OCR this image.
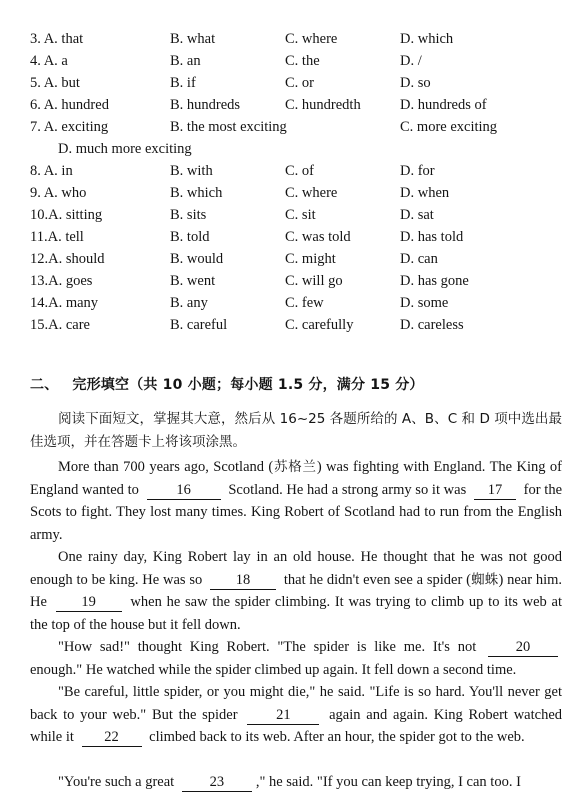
3. A. that	B. what	C. where	D. which
4. A. a	B. an	C. the	D. /
5. A. but	B. if	C. or	D. so
6. A. hundred	B. hundreds	C. hundredth	D. hundreds of
7. A. exciting	B. the most exciting	C. more exciting
D. much more exciting
8. A. in	B. with	C. of	D. for
9. A. who	B. which	C. where	D. when
10.A. sitting	B. sits	C. sit	D. sat
11.A. tell	B. told	C. was told	D. has told
12.A. should	B. would	C. might	D. can
13.A. goes	B. went	C. will go	D. has gone
14.A. many	B. any	C. few	D. some
15.A. care	B. careful	C. carefully	D. careless
二、 完形填空（共 10 小题；每小题 1.5 分，满分 15 分）

阅读下面短文，掌握其大意，然后从 16~25 各题所给的 A、B、C 和 D 项中选出最佳选项，并在答题卡上将该项涂黑。

More than 700 years ago, Scotland (苏格兰) was fighting with England. The King of England wanted to	16	Scotland. He had a strong army so it was 17 for the Scots to fight. They lost many times. King Robert of Scotland had to run from the English army.

One rainy day, King Robert lay in an old house. He thought that he was not good enough to be king. He was so 18 that he didn't even see a spider (蜘蛛) near him. He 19 when he saw the spider climbing. It was trying to climb up to its web at the top of the house but it fell down.

"How sad!" thought King Robert. "The spider is like me. It's not	20 enough." He watched while the spider climbed up again. It fell down a second time.

"Be careful, little spider, or you might die," he said. "Life is so hard. You'll never get back to your web." But the spider	21	again and again. King Robert watched while it 22 climbed back to its web. After an hour, the spider got to the web.

"You're such a great 23 ," he said. "If you can keep trying, I can too. I
